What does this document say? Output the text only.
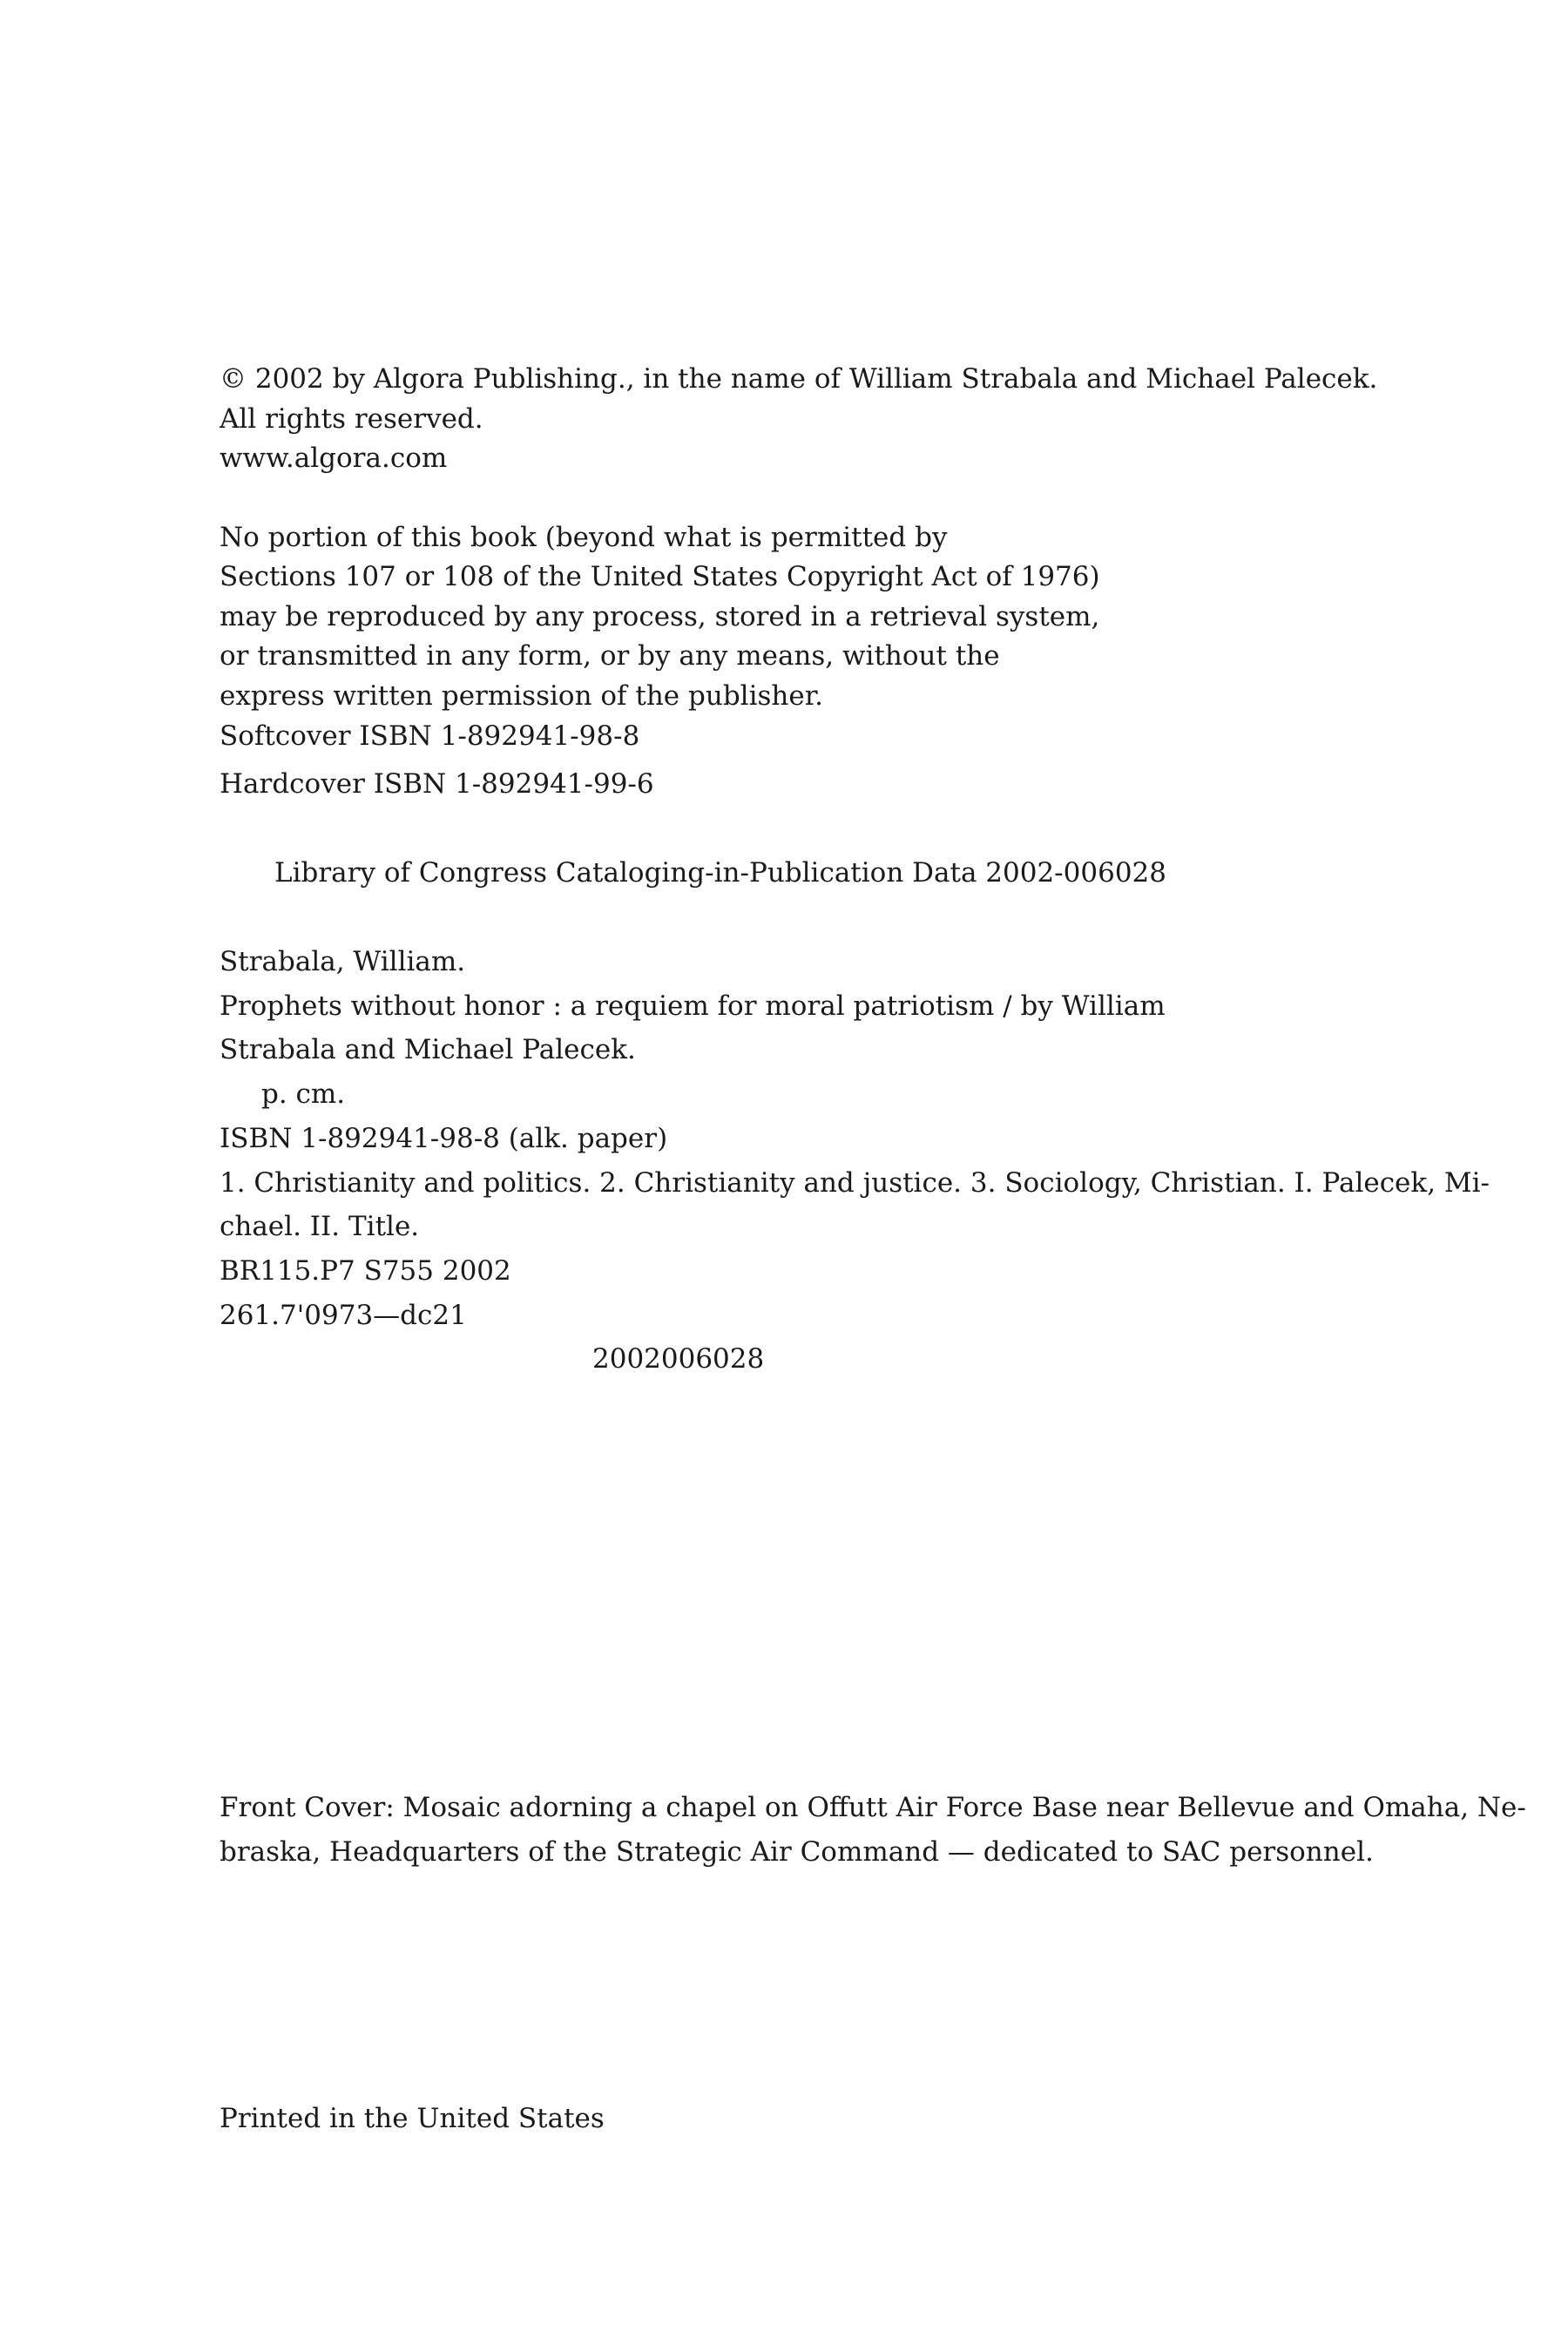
© 2002 by Algora Publishing., in the name of William Strabala and Michael Palecek.
All rights reserved.
www.algora.com
No portion of this book (beyond what is permitted by
Sections 107 or 108 of the United States Copyright Act of 1976)
may be reproduced by any process, stored in a retrieval system,
or transmitted in any form, or by any means, without the
express written permission of the publisher.
Softcover ISBN 1-892941-98-8
Hardcover ISBN 1-892941-99-6
Library of Congress Cataloging-in-Publication Data 2002-006028
Strabala, William.
Prophets without honor : a requiem for moral patriotism / by William
Strabala and Michael Palecek.
p. cm.
ISBN 1-892941-98-8 (alk. paper)
1. Christianity and politics. 2. Christianity and justice. 3. Sociology, Christian. I. Palecek, Mi-
chael. II. Title.
BR115.P7 S755 2002
261.7'0973—dc21
2002006028
Front Cover: Mosaic adorning a chapel on Offutt Air Force Base near Bellevue and Omaha, Ne-
braska, Headquarters of the Strategic Air Command — dedicated to SAC personnel.
Printed in the United States
